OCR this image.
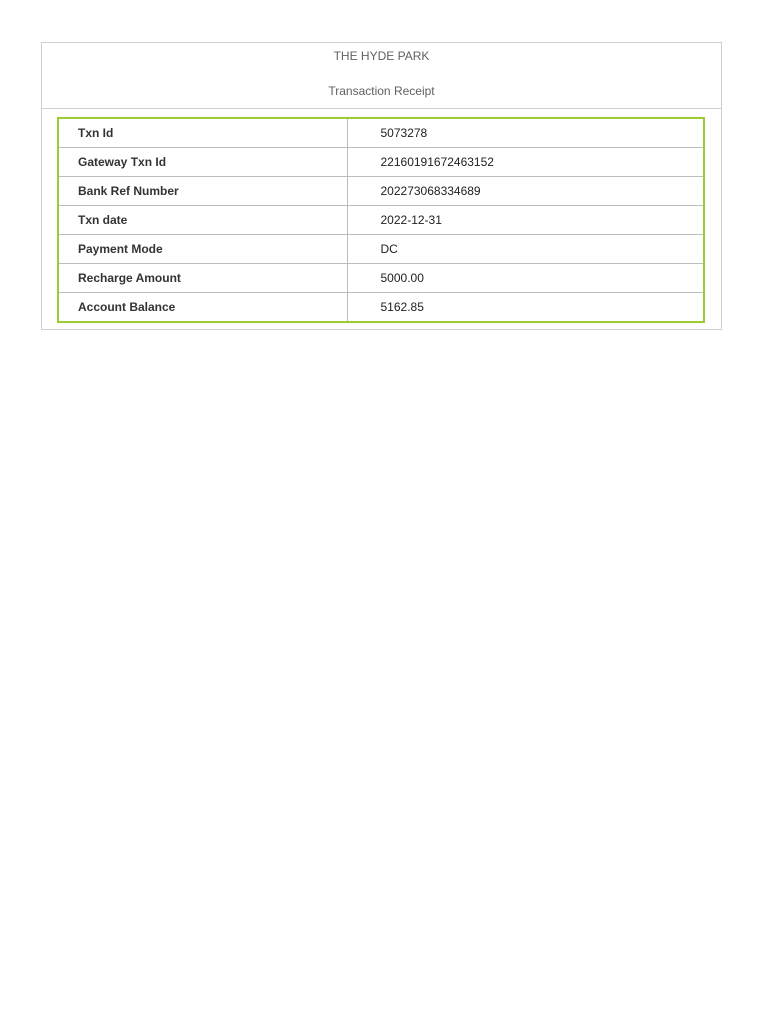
THE HYDE PARK
Transaction Receipt
Txn Id	5073278
Gateway Txn Id	22160191672463152
Bank Ref Number	202273068334689
Txn date	2022-12-31
Payment Mode	DC
Recharge Amount	5000.00
Account Balance	5162.85
